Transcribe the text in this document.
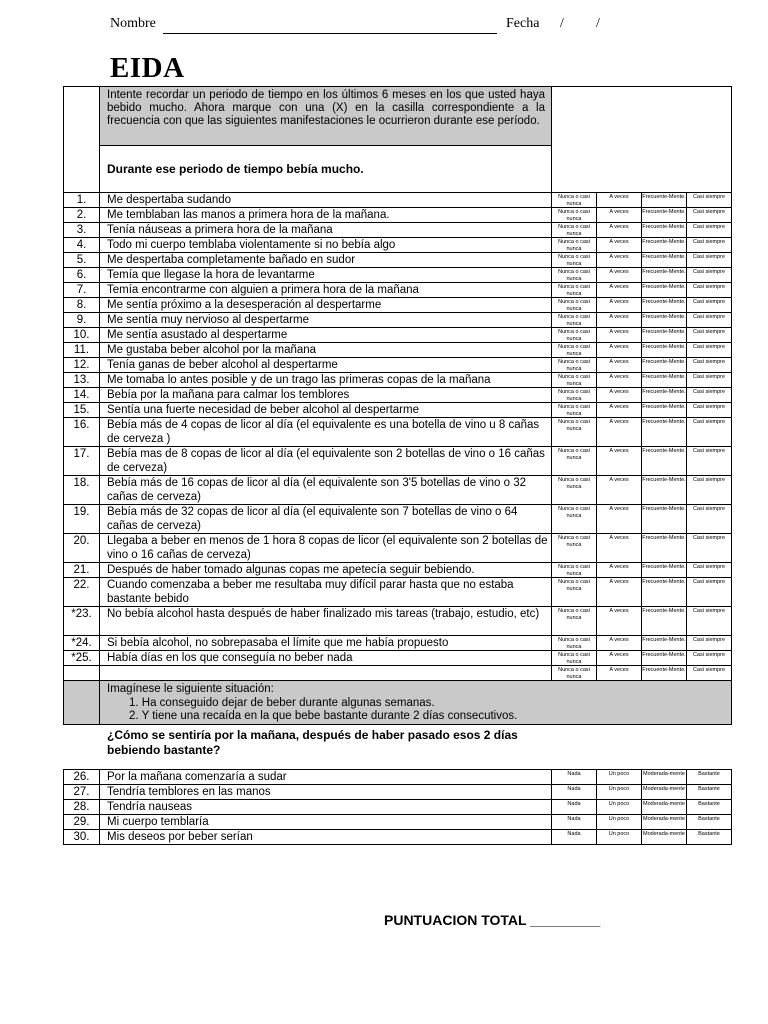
Nombre	Fecha / /
EIDA
	Intente recordar un periodo de tiempo en los últimos 6 meses en los que usted haya bebido mucho. Ahora marque con una (X) en la casilla correspondiente a la frecuencia con que las siguientes manifestaciones le ocurrieron durante ese período.				
	Durante ese periodo de tiempo bebía mucho.				
1.	Me despertaba sudando	Nunca o casi nunca	A veces	Frecuente-Mente.	Casi siempre
2.	Me temblaban las manos a primera hora de la mañana.	Nunca o casi nunca	A veces	Frecuente-Mente.	Casi siempre
3.	Tenía náuseas a primera hora de la mañana	Nunca o casi nunca	A veces	Frecuente-Mente.	Casi siempre
4.	Todo mi cuerpo temblaba violentamente si no bebía algo	Nunca o casi nunca	A veces	Frecuente-Mente.	Casi siempre
5.	Me despertaba completamente bañado en sudor	Nunca o casi nunca	A veces	Frecuente-Mente.	Casi siempre
6.	Temía que llegase la hora de levantarme	Nunca o casi nunca	A veces	Frecuente-Mente.	Casi siempre
7.	Temía encontrarme con alguien a primera hora de la mañana	Nunca o casi nunca	A veces	Frecuente-Mente.	Casi siempre
8.	Me sentía próximo a la desesperación al despertarme	Nunca o casi nunca	A veces	Frecuente-Mente.	Casi siempre
9.	Me sentía muy nervioso al despertarme	Nunca o casi nunca	A veces	Frecuente-Mente.	Casi siempre
10.	Me sentía asustado al despertarme	Nunca o casi nunca	A veces	Frecuente-Mente.	Casi siempre
11.	Me gustaba beber alcohol por la mañana	Nunca o casi nunca	A veces	Frecuente-Mente.	Casi siempre
12.	Tenía ganas de beber alcohol al despertarme	Nunca o casi nunca	A veces	Frecuente-Mente.	Casi siempre
13.	Me tomaba lo antes posible y de un trago las primeras copas de la mañana	Nunca o casi nunca	A veces	Frecuente-Mente.	Casi siempre
14.	Bebía por la mañana para calmar los temblores	Nunca o casi nunca	A veces	Frecuente-Mente.	Casi siempre
15.	Sentía una fuerte necesidad de beber alcohol al despertarme	Nunca o casi nunca	A veces	Frecuente-Mente.	Casi siempre
16.	Bebía más de 4 copas de licor al día (el equivalente es una botella de vino u 8 cañas de cerveza )	Nunca o casi nunca	A veces	Frecuente-Mente.	Casi siempre
17.	Bebía mas de 8 copas de licor al día (el equivalente son 2 botellas de vino o 16 cañas de cerveza)	Nunca o casi nunca	A veces	Frecuente-Mente.	Casi siempre
18.	Bebía más de 16 copas de licor al día (el equivalente son 3'5 botellas de vino o 32 cañas de cerveza)	Nunca o casi nunca	A veces	Frecuente-Mente.	Casi siempre
19.	Bebía más de 32 copas de licor al día (el equivalente son 7 botellas de vino o 64 cañas de cerveza)	Nunca o casi nunca	A veces	Frecuente-Mente.	Casi siempre
20.	Llegaba a beber en menos de 1 hora 8 copas de licor (el equivalente son 2 botellas de vino o 16 cañas de cerveza)	Nunca o casi nunca	A veces	Frecuente-Mente.	Casi siempre
21.	Después de haber tomado algunas copas me apetecía seguir bebiendo.	Nunca o casi nunca	A veces	Frecuente-Mente.	Casi siempre
22.	Cuando comenzaba a beber me resultaba muy difícil parar hasta que no estaba bastante bebido	Nunca o casi nunca	A veces	Frecuente-Mente.	Casi siempre
*23.	No bebía alcohol hasta después de haber finalizado mis tareas (trabajo, estudio, etc)	Nunca o casi nunca	A veces	Frecuente-Mente.	Casi siempre
*24.	Si bebía alcohol, no sobrepasaba el límite que me había propuesto	Nunca o casi nunca	A veces	Frecuente-Mente.	Casi siempre
*25.	Había días en los que conseguía no beber nada	Nunca o casi nunca	A veces	Frecuente-Mente.	Casi siempre
		Nunca o casi nunca	A veces	Frecuente-Mente.	Casi siempre

	Imagínese le siguiente situación:
1. Ha conseguido dejar de beber durante algunas semanas.
2. Y tiene una recaída en la que bebe bastante durante 2 días consecutivos.				
¿Cómo se sentiría por la mañana, después de haber pasado esos 2 días bebiendo bastante?
26.	Por la mañana comenzaría a sudar	Nada	Un poco	Moderada-mente	Bastante
27.	Tendría temblores en las manos	Nada	Un poco	Moderada-mente	Bastante
28.	Tendría nauseas	Nada	Un poco	Moderada-mente	Bastante
29.	Mi cuerpo temblaría	Nada	Un poco	Moderada-mente	Bastante
30.	Mis deseos por beber serían	Nada	Un poco	Moderada-mente	Bastante
PUNTUACION TOTAL _________
